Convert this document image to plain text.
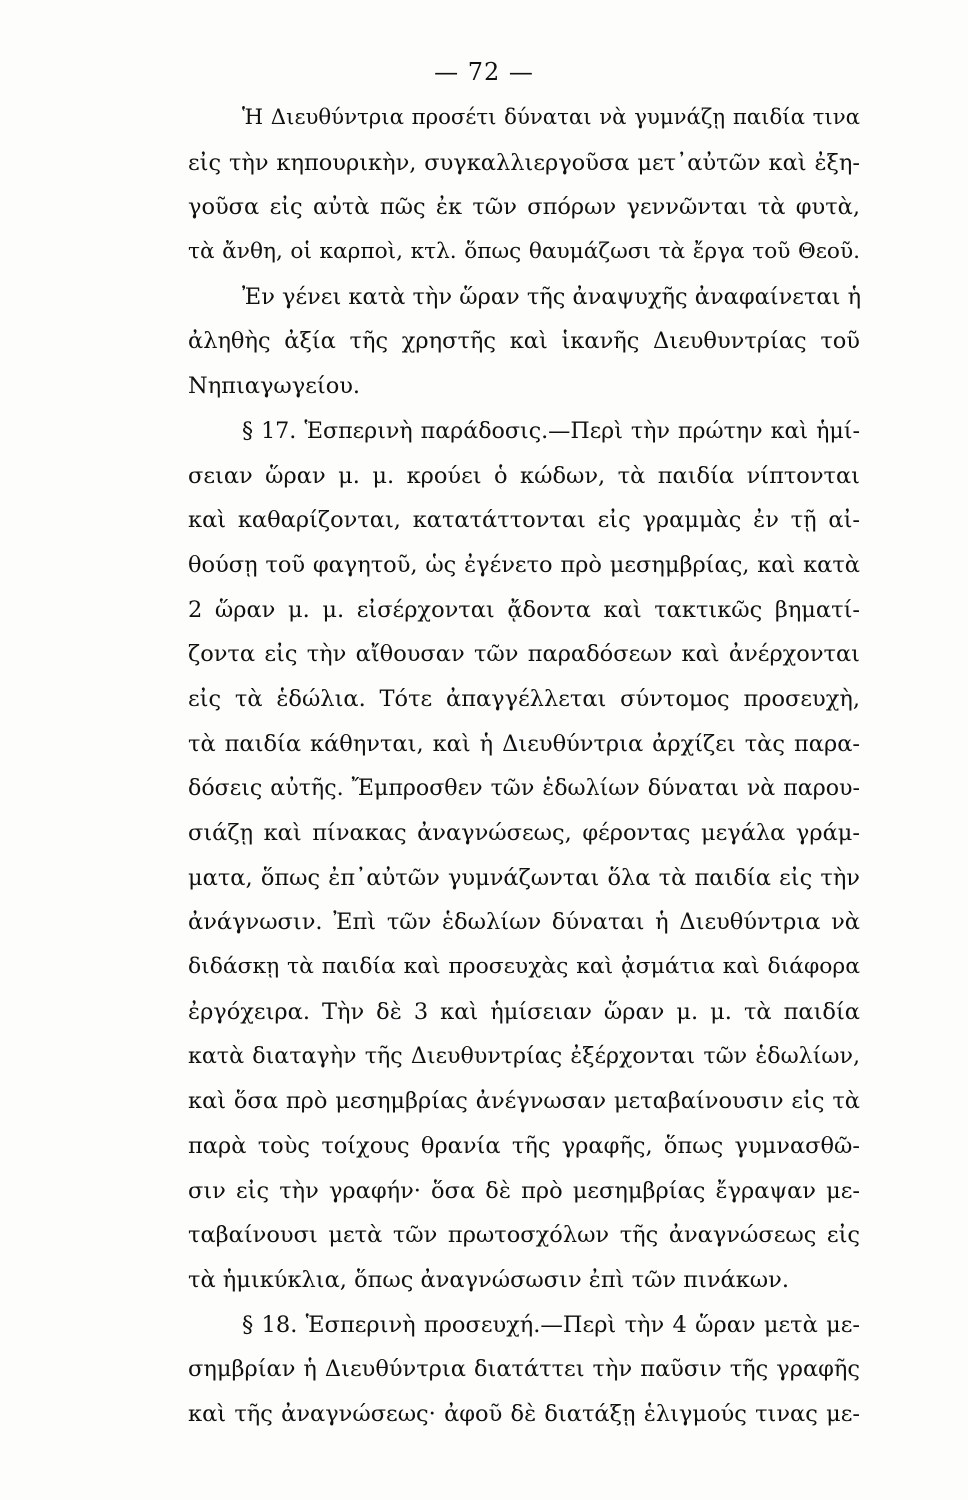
— 72 —
Ἡ Διευθύντρια προσέτι δύναται νὰ γυμνάζῃ παιδία τινα
εἰς τὴν κηπουρικὴν, συγκαλλιεργοῦσα μετ᾽αὐτῶν καὶ ἐξη-
γοῦσα εἰς αὐτὰ πῶς ἐκ τῶν σπόρων γεννῶνται τὰ φυτὰ,
τὰ ἄνθη, οἱ καρποὶ, κτλ. ὅπως θαυμάζωσι τὰ ἔργα τοῦ Θεοῦ.
Ἐν γένει κατὰ τὴν ὥραν τῆς ἀναψυχῆς ἀναφαίνεται ἡ
ἀληθὴς ἀξία τῆς χρηστῆς καὶ ἱκανῆς Διευθυντρίας τοῦ
Νηπιαγωγείου.
§ 17. Ἑσπερινὴ παράδοσις.—Περὶ τὴν πρώτην καὶ ἡμί-
σειαν ὥραν μ. μ. κρούει ὁ κώδων, τὰ παιδία νίπτονται
καὶ καθαρίζονται, κατατάττονται εἰς γραμμὰς ἐν τῇ αἰ-
θούσῃ τοῦ φαγητοῦ, ὡς ἐγένετο πρὸ μεσημβρίας, καὶ κατὰ
2 ὥραν μ. μ. εἰσέρχονται ᾄδοντα καὶ τακτικῶς βηματί-
ζοντα εἰς τὴν αἴθουσαν τῶν παραδόσεων καὶ ἀνέρχονται
εἰς τὰ ἑδώλια. Τότε ἀπαγγέλλεται σύντομος προσευχὴ,
τὰ παιδία κάθηνται, καὶ ἡ Διευθύντρια ἀρχίζει τὰς παρα-
δόσεις αὐτῆς. Ἔμπροσθεν τῶν ἑδωλίων δύναται νὰ παρου-
σιάζῃ καὶ πίνακας ἀναγνώσεως, φέροντας μεγάλα γράμ-
ματα, ὅπως ἐπ᾽αὐτῶν γυμνάζωνται ὅλα τὰ παιδία εἰς τὴν
ἀνάγνωσιν. Ἐπὶ τῶν ἑδωλίων δύναται ἡ Διευθύντρια νὰ
διδάσκῃ τὰ παιδία καὶ προσευχὰς καὶ ᾀσμάτια καὶ διάφορα
ἐργόχειρα. Τὴν δὲ 3 καὶ ἡμίσειαν ὥραν μ. μ. τὰ παιδία
κατὰ διαταγὴν τῆς Διευθυντρίας ἐξέρχονται τῶν ἑδωλίων,
καὶ ὅσα πρὸ μεσημβρίας ἀνέγνωσαν μεταβαίνουσιν εἰς τὰ
παρὰ τοὺς τοίχους θρανία τῆς γραφῆς, ὅπως γυμνασθῶ-
σιν εἰς τὴν γραφήν· ὅσα δὲ πρὸ μεσημβρίας ἔγραψαν με-
ταβαίνουσι μετὰ τῶν πρωτοσχόλων τῆς ἀναγνώσεως εἰς
τὰ ἡμικύκλια, ὅπως ἀναγνώσωσιν ἐπὶ τῶν πινάκων.
§ 18. Ἑσπερινὴ προσευχή.—Περὶ τὴν 4 ὥραν μετὰ με-
σημβρίαν ἡ Διευθύντρια διατάττει τὴν παῦσιν τῆς γραφῆς
καὶ τῆς ἀναγνώσεως· ἀφοῦ δὲ διατάξῃ ἑλιγμούς τινας με-
